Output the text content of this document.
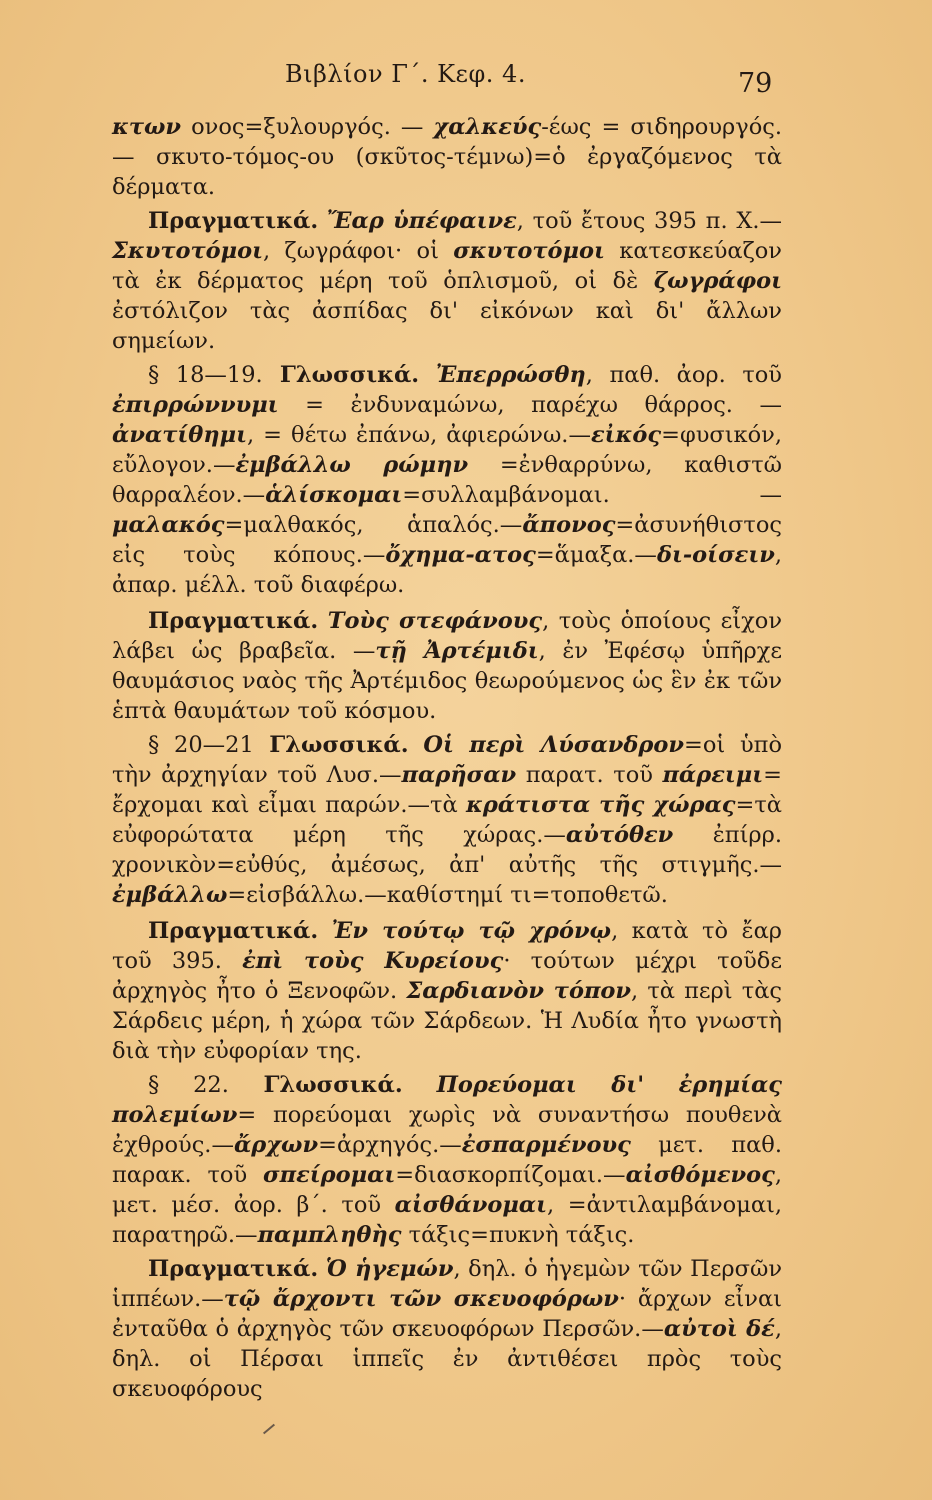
Βιβλίον Γ΄. Κεφ. 4.	79

κτων ονος=ξυλουργός. — χαλκεύς-έως = σιδηρουργός. — σκυτο-τόμος-ου (σκῦτος-τέμνω)=ὁ ἐργαζόμενος τὰ δέρματα.

Πραγματικά. Ἔαρ ὑπέφαινε, τοῦ ἔτους 395 π. Χ.— Σκυτοτόμοι, ζωγράφοι· οἱ σκυτοτόμοι κατεσκεύαζον τὰ ἐκ δέρματος μέρη τοῦ ὁπλισμοῦ, οἱ δὲ ζωγράφοι ἐστόλιζον τὰς ἀσπίδας δι' εἰκόνων καὶ δι' ἄλλων σημείων.

§ 18—19. Γλωσσικά. Ἐπερρώσθη, παθ. ἀορ. τοῦ ἐπιρρώννυμι = ἐνδυναμώνω, παρέχω θάρρος. — ἀνατίθημι, = θέτω ἐπάνω, ἀφιερώνω.—εἰκός=φυσικόν, εὔλογον.—ἐμβάλλω ρώμην =ἐνθαρρύνω, καθιστῶ θαρραλέον.—ἁλίσκομαι=συλλαμβάνομαι. —μαλακός=μαλθακός, ἁπαλός.—ἄπονος=ἀσυνήθιστος εἰς τοὺς κόπους.—ὄχημα-ατος=ἅμαξα.—δι-οίσειν, ἀπαρ. μέλλ. τοῦ διαφέρω.

Πραγματικά. Τοὺς στεφάνους, τοὺς ὁποίους εἶχον λάβει ὡς βραβεῖα. —τῇ Ἀρτέμιδι, ἐν Ἐφέσῳ ὑπῆρχε θαυμάσιος ναὸς τῆς Ἀρτέμιδος θεωρούμενος ὡς ἓν ἐκ τῶν ἑπτὰ θαυμάτων τοῦ κόσμου.

§ 20—21 Γλωσσικά. Οἱ περὶ Λύσανδρον=οἱ ὑπὸ τὴν ἀρχηγίαν τοῦ Λυσ.—παρῆσαν παρατ. τοῦ πάρειμι= ἔρχομαι καὶ εἶμαι παρών.—τὰ κράτιστα τῆς χώρας=τὰ εὐφορώτατα μέρη τῆς χώρας.—αὐτόθεν ἐπίρρ. χρονικὸν=εὐθύς, ἀμέσως, ἀπ' αὐτῆς τῆς στιγμῆς.—ἐμβάλλω=εἰσβάλλω.—καθίστημί τι=τοποθετῶ.

Πραγματικά. Ἐν τούτῳ τῷ χρόνῳ, κατὰ τὸ ἔαρ τοῦ 395. ἐπὶ τοὺς Κυρείους· τούτων μέχρι τοῦδε ἀρχηγὸς ἦτο ὁ Ξενοφῶν. Σαρδιανὸν τόπον, τὰ περὶ τὰς Σάρδεις μέρη, ἡ χώρα τῶν Σάρδεων. Ἡ Λυδία ἦτο γνωστὴ διὰ τὴν εὐφορίαν της.

§ 22. Γλωσσικά. Πορεύομαι δι' ἐρημίας πολεμίων= πορεύομαι χωρὶς νὰ συναντήσω πουθενὰ ἐχθρούς.—ἄρχων=ἀρχηγός.—ἐσπαρμένους μετ. παθ. παρακ. τοῦ σπείρομαι=διασκορπίζομαι.—αἰσθόμενος, μετ. μέσ. ἀορ. β΄. τοῦ αἰσθάνομαι, =ἀντιλαμβάνομαι, παρατηρῶ.—παμπληθὴς τάξις=πυκνὴ τάξις.

Πραγματικά. Ὁ ἡγεμών, δηλ. ὁ ἡγεμὼν τῶν Περσῶν ἱππέων.—τῷ ἄρχοντι τῶν σκευοφόρων· ἄρχων εἶναι ἐνταῦθα ὁ ἀρχηγὸς τῶν σκευοφόρων Περσῶν.—αὐτοὶ δέ, δηλ. οἱ Πέρσαι ἱππεῖς ἐν ἀντιθέσει πρὸς τοὺς σκευοφόρους
